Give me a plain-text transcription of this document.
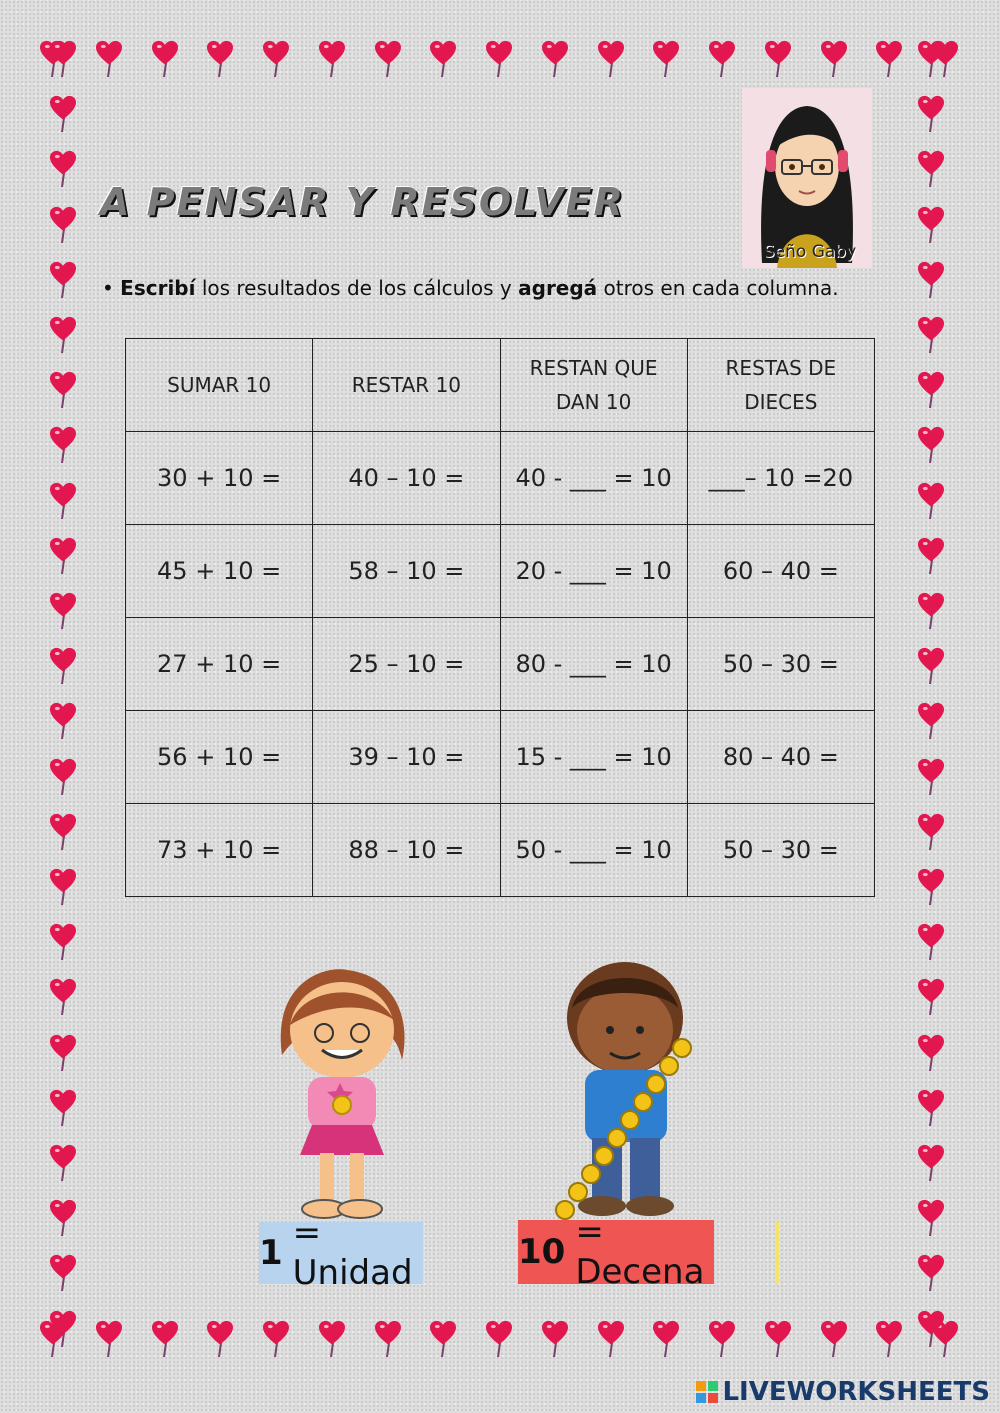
A PENSAR Y RESOLVER
Seño Gaby

• Escribí los resultados de los cálculos y agregá otros en cada columna.

SUMAR 10	RESTAR 10	RESTAN QUE DAN 10	RESTAS DE DIECES
30 + 10 =	40 – 10 =	40 - ___ = 10	___– 10 =20
45 + 10 =	58 – 10 =	20 - ___ = 10	60 – 40 =
27 + 10 =	25 – 10 =	80 - ___ = 10	50 – 30 =
56 + 10 =	39 – 10 =	15 - ___ = 10	80 – 40 =
73 + 10 =	88 – 10 =	50 - ___ = 10	50 – 30 =
1 = Unidad
10 = Decena
LIVEWORKSHEETS
